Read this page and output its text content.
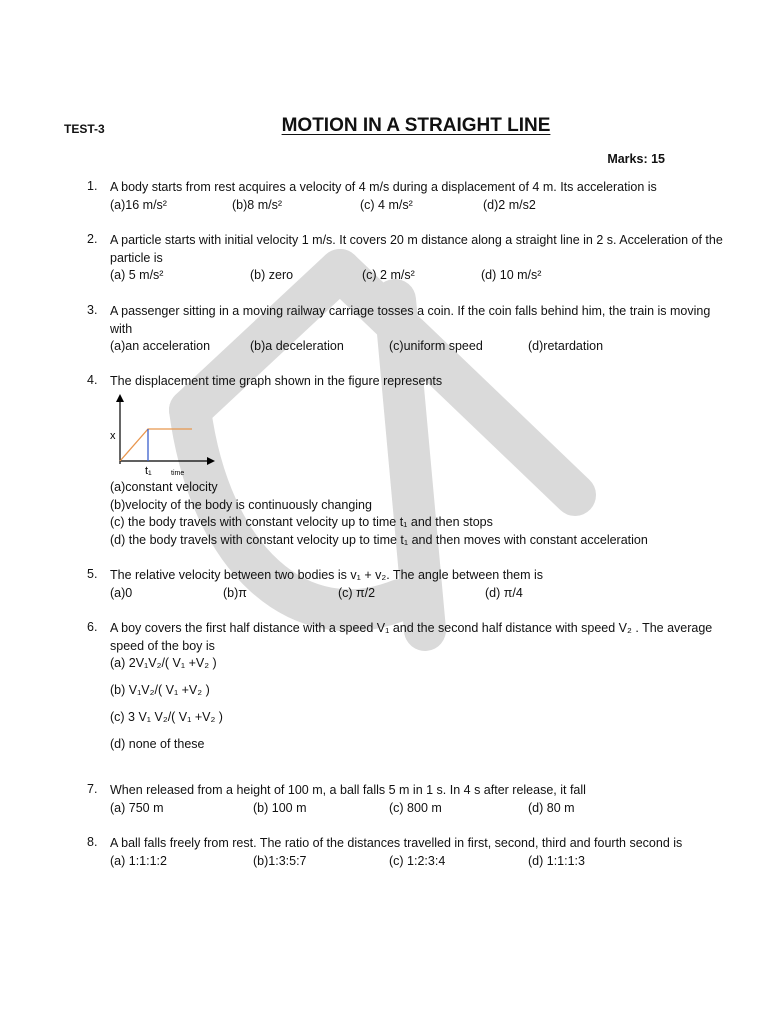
TEST-3	MOTION IN A STRAIGHT LINE
Marks: 15
1. A body starts from rest acquires a velocity of 4 m/s during a displacement of 4 m. Its acceleration is
(a)16 m/s²	(b)8 m/s²	(c) 4 m/s²	(d)2 m/s2
2. A particle starts with initial velocity 1 m/s. It covers 20 m distance along a straight line in 2 s. Acceleration of the particle is
(a) 5 m/s²	(b) zero	(c) 2 m/s²	(d) 10 m/s²
3. A passenger sitting in a moving railway carriage tosses a coin. If the coin falls behind him, the train is moving with
(a)an acceleration	(b)a deceleration	(c)uniform speed	(d)retardation
4. The displacement time graph shown in the figure represents
x
t₁	time
(a)constant velocity
(b)velocity of the body is continuously changing
(c) the body travels with constant velocity up to time t₁ and then stops
(d) the body travels with constant velocity up to time t₁ and then moves with constant acceleration
5. The relative velocity between two bodies is v₁ + v₂. The angle between them is
(a)0	(b)π	(c) π/2	(d) π/4
6. A boy covers the first half distance with a speed V₁ and the second half distance with speed V₂ . The average speed of the boy is
(a) 2V₁V₂/( V₁ +V₂ )
(b) V₁V₂/( V₁ +V₂ )
(c) 3 V₁ V₂/( V₁ +V₂ )
(d) none of these
7. When released from a height of 100 m, a ball falls 5 m in 1 s. In 4 s after release, it fall
(a) 750 m	(b) 100 m	(c) 800 m	(d) 80 m
8. A ball falls freely from rest. The ratio of the distances travelled in first, second, third and fourth second is
(a) 1:1:1:2	(b)1:3:5:7	(c) 1:2:3:4	(d) 1:1:1:3
